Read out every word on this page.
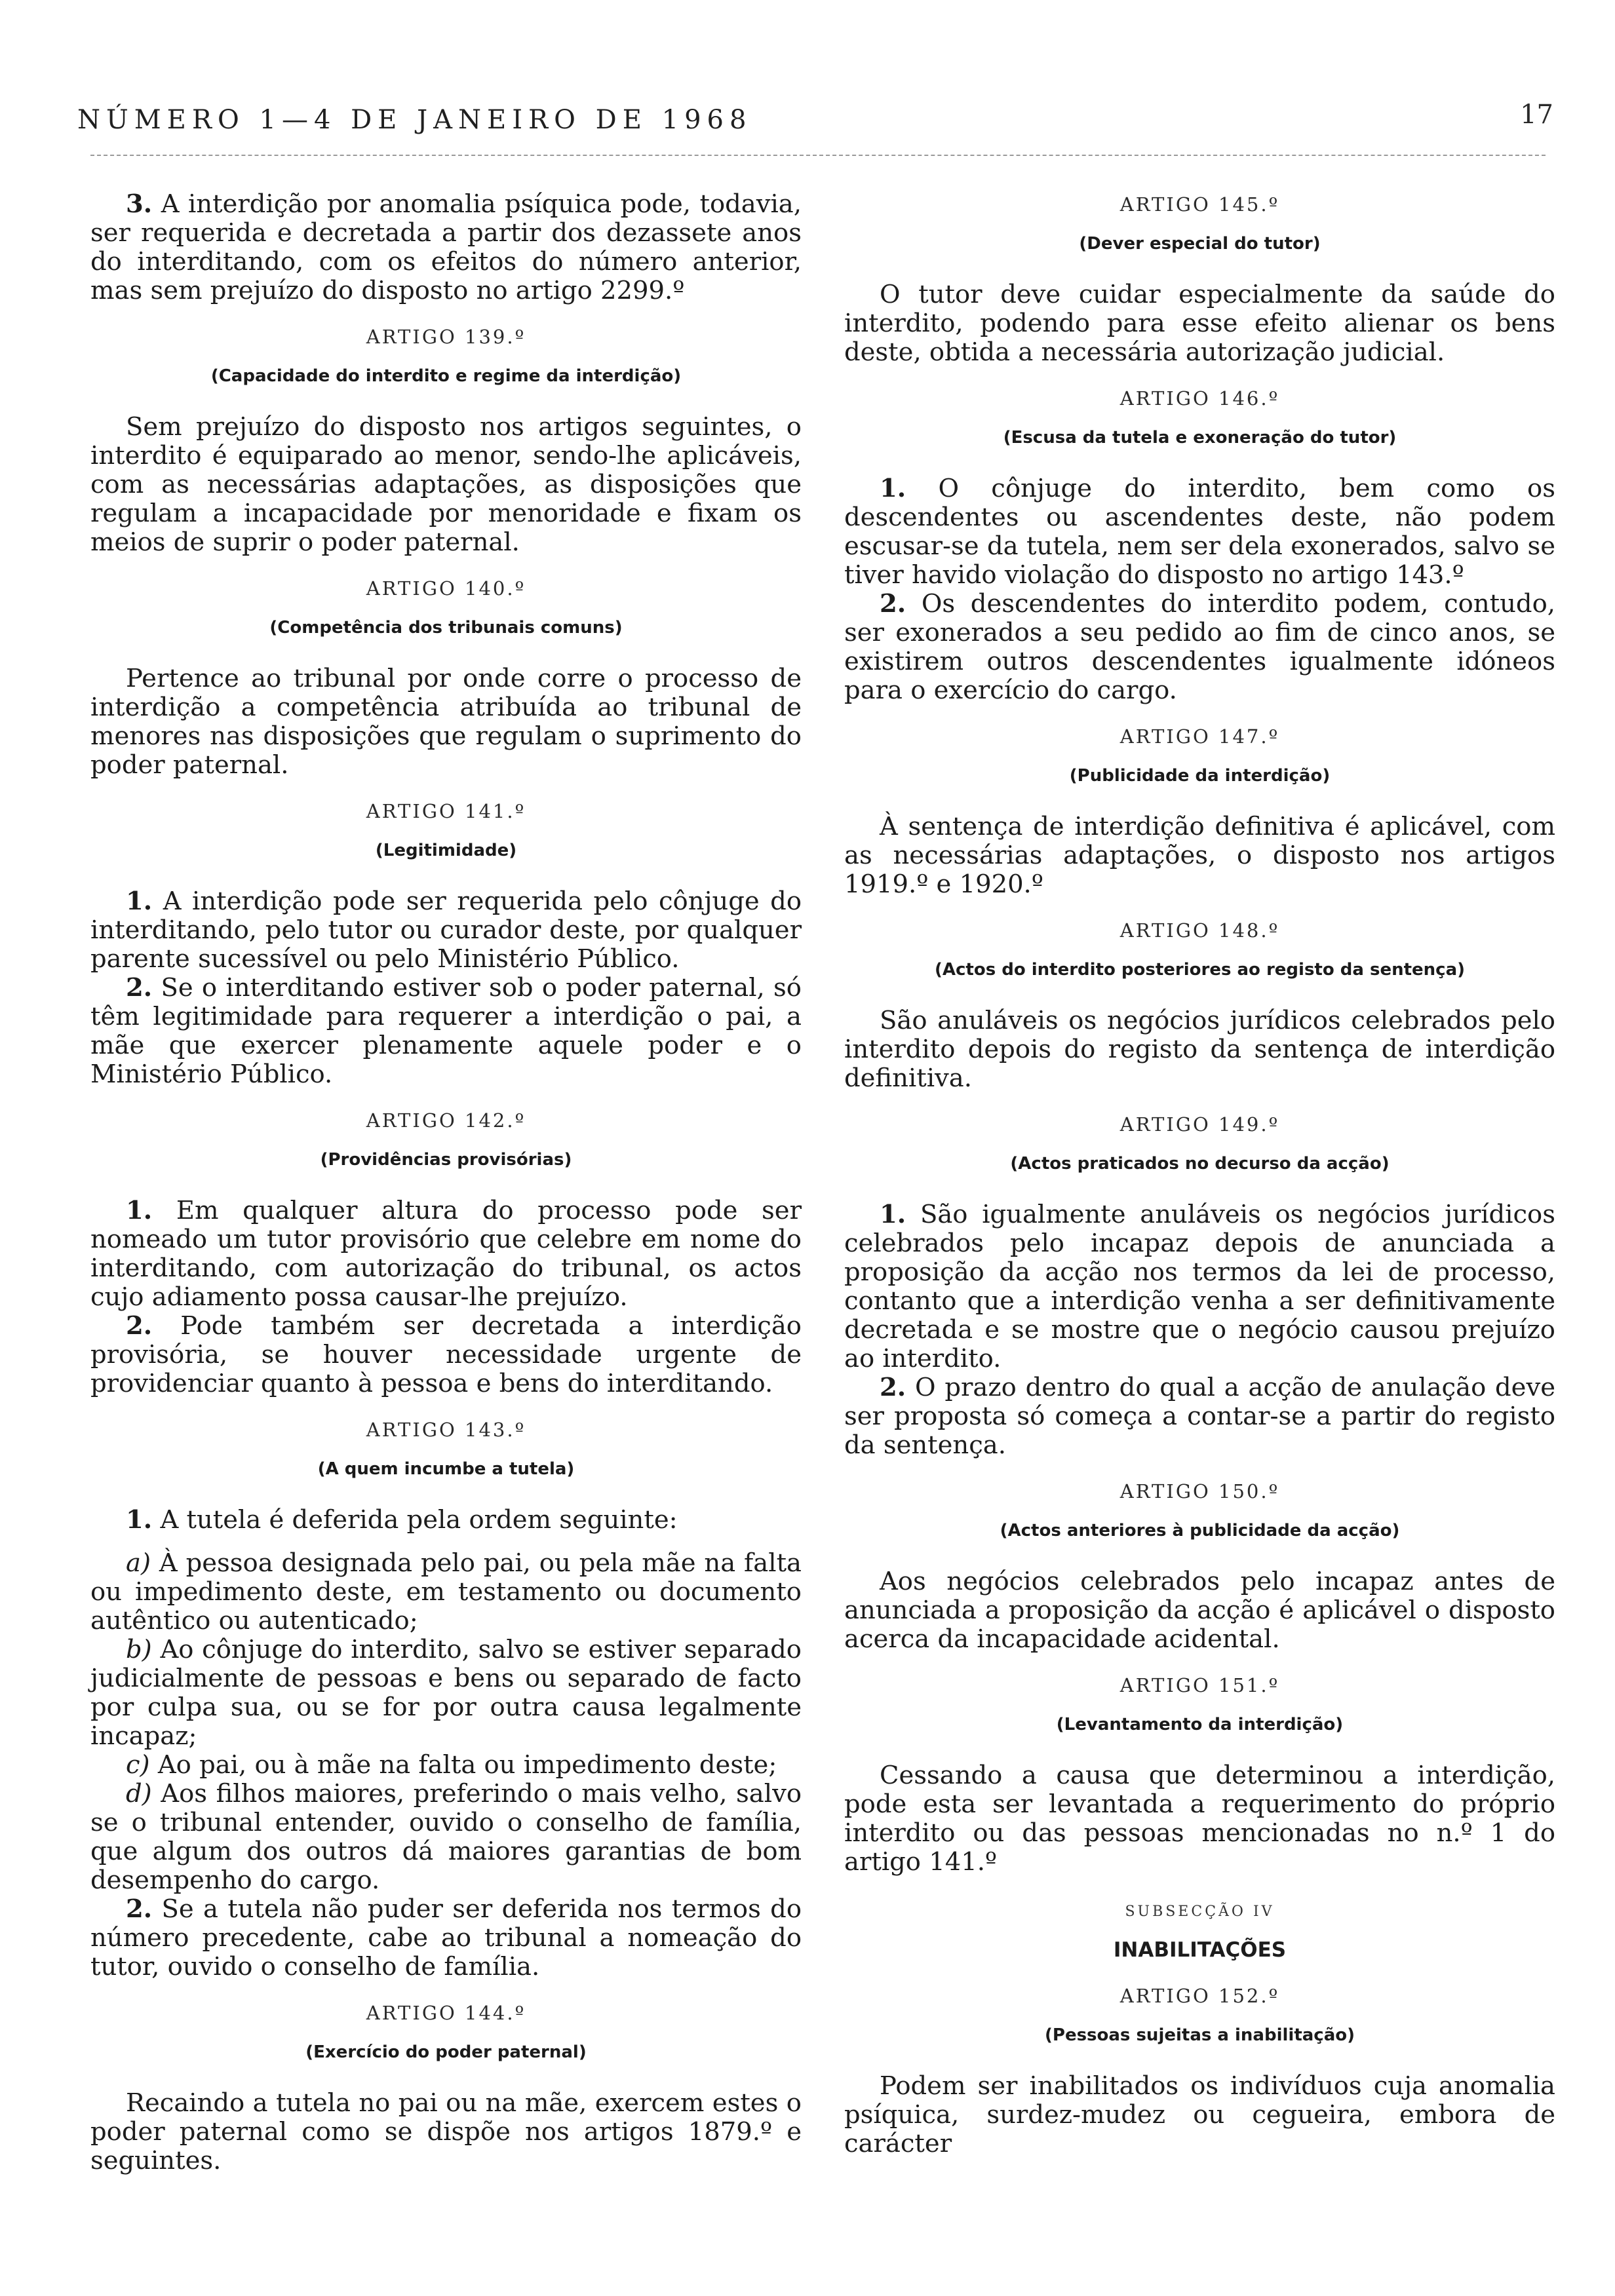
NÚMERO 1—4 DE JANEIRO DE 1968	17

3. A interdição por anomalia psíquica pode, todavia, ser requerida e decretada a partir dos dezassete anos do interditando, com os efeitos do número anterior, mas sem prejuízo do disposto no artigo 2299.º

ARTIGO 139.º
(Capacidade do interdito e regime da interdição)

Sem prejuízo do disposto nos artigos seguintes, o interdito é equiparado ao menor, sendo-lhe aplicáveis, com as necessárias adaptações, as disposições que regulam a incapacidade por menoridade e fixam os meios de suprir o poder paternal.

ARTIGO 140.º
(Competência dos tribunais comuns)

Pertence ao tribunal por onde corre o processo de interdição a competência atribuída ao tribunal de menores nas disposições que regulam o suprimento do poder paternal.

ARTIGO 141.º
(Legitimidade)

1. A interdição pode ser requerida pelo cônjuge do interditando, pelo tutor ou curador deste, por qualquer parente sucessível ou pelo Ministério Público.

2. Se o interditando estiver sob o poder paternal, só têm legitimidade para requerer a interdição o pai, a mãe que exercer plenamente aquele poder e o Ministério Público.

ARTIGO 142.º
(Providências provisórias)

1. Em qualquer altura do processo pode ser nomeado um tutor provisório que celebre em nome do interditando, com autorização do tribunal, os actos cujo adiamento possa causar-lhe prejuízo.

2. Pode também ser decretada a interdição provisória, se houver necessidade urgente de providenciar quanto à pessoa e bens do interditando.

ARTIGO 143.º
(A quem incumbe a tutela)

1. A tutela é deferida pela ordem seguinte:

a) À pessoa designada pelo pai, ou pela mãe na falta ou impedimento deste, em testamento ou documento autêntico ou autenticado;

b) Ao cônjuge do interdito, salvo se estiver separado judicialmente de pessoas e bens ou separado de facto por culpa sua, ou se for por outra causa legalmente incapaz;

c) Ao pai, ou à mãe na falta ou impedimento deste;

d) Aos filhos maiores, preferindo o mais velho, salvo se o tribunal entender, ouvido o conselho de família, que algum dos outros dá maiores garantias de bom desempenho do cargo.

2. Se a tutela não puder ser deferida nos termos do número precedente, cabe ao tribunal a nomeação do tutor, ouvido o conselho de família.

ARTIGO 144.º
(Exercício do poder paternal)

Recaindo a tutela no pai ou na mãe, exercem estes o poder paternal como se dispõe nos artigos 1879.º e seguintes.

ARTIGO 145.º
(Dever especial do tutor)

O tutor deve cuidar especialmente da saúde do interdito, podendo para esse efeito alienar os bens deste, obtida a necessária autorização judicial.

ARTIGO 146.º
(Escusa da tutela e exoneração do tutor)

1. O cônjuge do interdito, bem como os descendentes ou ascendentes deste, não podem escusar-se da tutela, nem ser dela exonerados, salvo se tiver havido violação do disposto no artigo 143.º

2. Os descendentes do interdito podem, contudo, ser exonerados a seu pedido ao fim de cinco anos, se existirem outros descendentes igualmente idóneos para o exercício do cargo.

ARTIGO 147.º
(Publicidade da interdição)

À sentença de interdição definitiva é aplicável, com as necessárias adaptações, o disposto nos artigos 1919.º e 1920.º

ARTIGO 148.º
(Actos do interdito posteriores ao registo da sentença)

São anuláveis os negócios jurídicos celebrados pelo interdito depois do registo da sentença de interdição definitiva.

ARTIGO 149.º
(Actos praticados no decurso da acção)

1. São igualmente anuláveis os negócios jurídicos celebrados pelo incapaz depois de anunciada a proposição da acção nos termos da lei de processo, contanto que a interdição venha a ser definitivamente decretada e se mostre que o negócio causou prejuízo ao interdito.

2. O prazo dentro do qual a acção de anulação deve ser proposta só começa a contar-se a partir do registo da sentença.

ARTIGO 150.º
(Actos anteriores à publicidade da acção)

Aos negócios celebrados pelo incapaz antes de anunciada a proposição da acção é aplicável o disposto acerca da incapacidade acidental.

ARTIGO 151.º
(Levantamento da interdição)

Cessando a causa que determinou a interdição, pode esta ser levantada a requerimento do próprio interdito ou das pessoas mencionadas no n.º 1 do artigo 141.º

SUBSECÇÃO IV
INABILITAÇÕES
ARTIGO 152.º
(Pessoas sujeitas a inabilitação)

Podem ser inabilitados os indivíduos cuja anomalia psíquica, surdez-mudez ou cegueira, embora de carácter
